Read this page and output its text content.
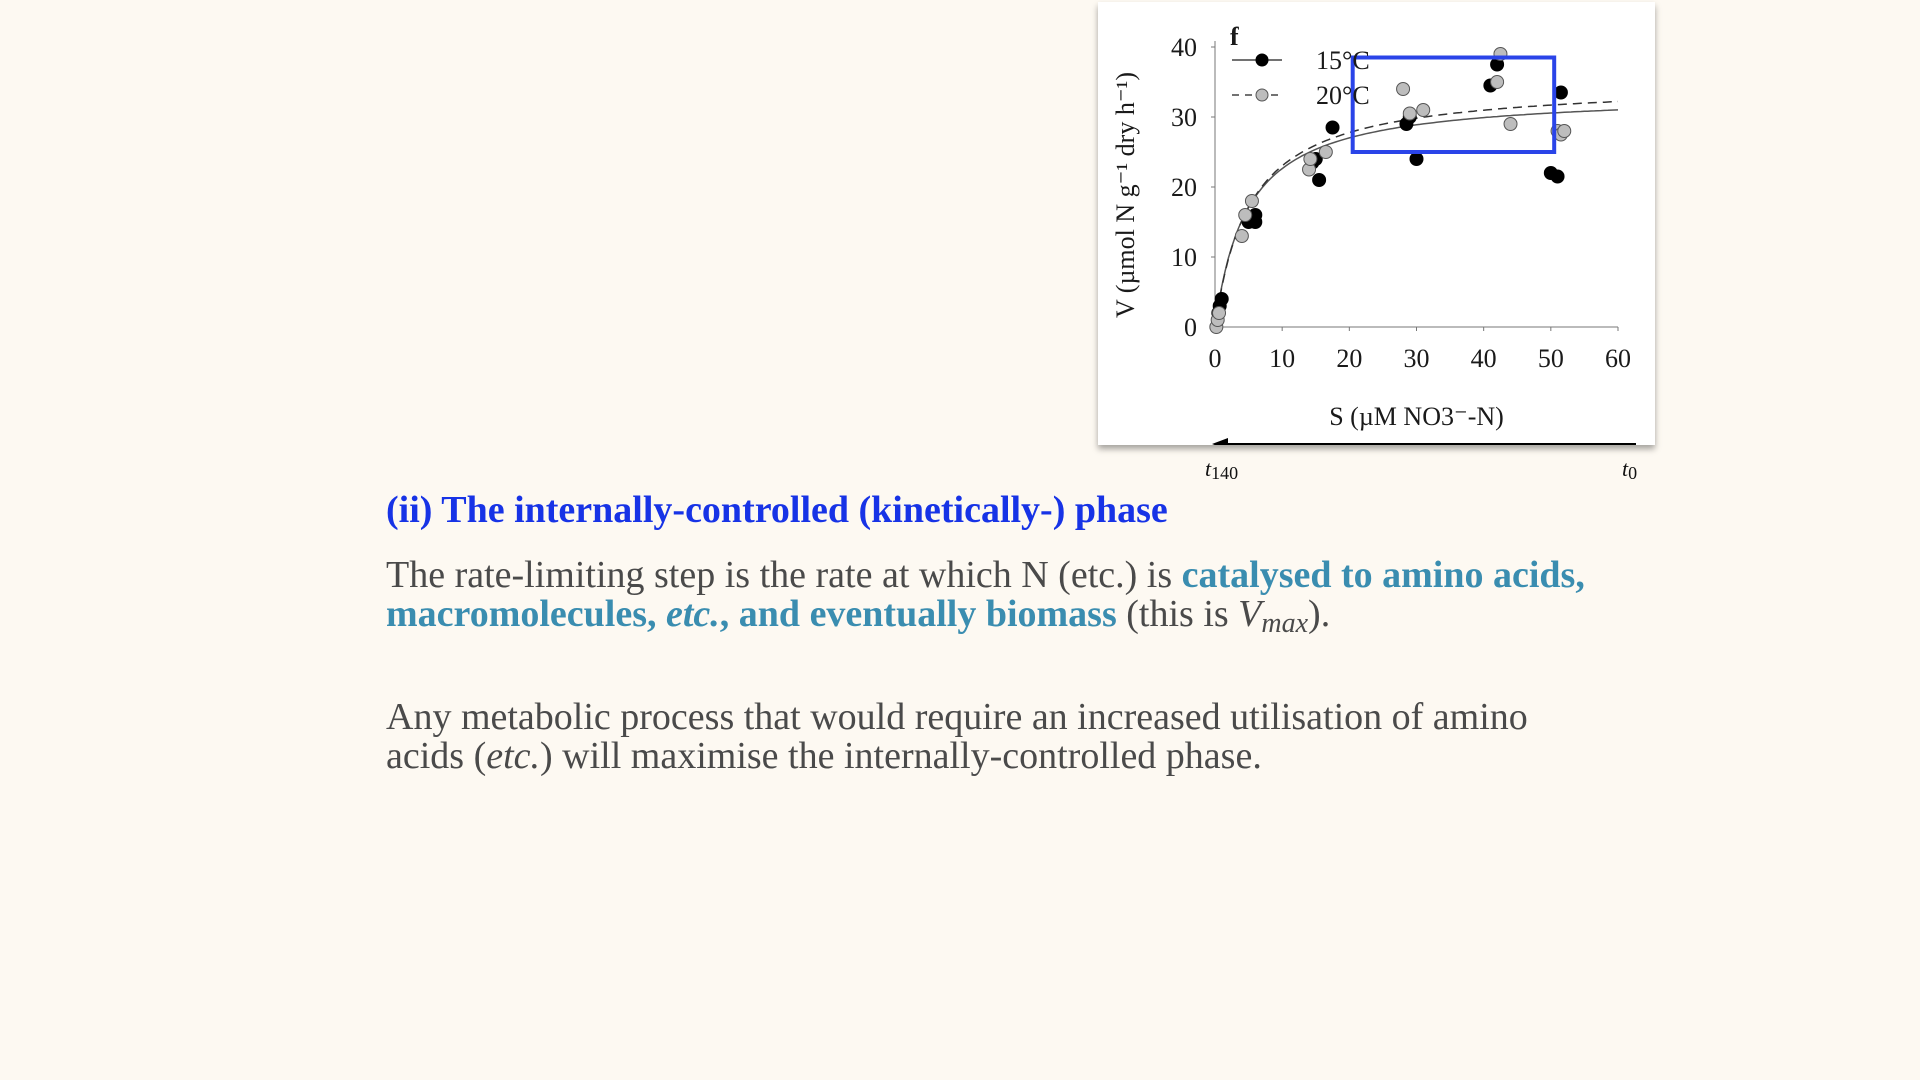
0 10 20 30 40 50 60
0
10
20
30
40
S (µM NO3⁻-N)
V (µmol N g⁻¹ dry h⁻¹)
f
15°C
20°C
$t_{140}$	$t_0$
(ii) The internally-controlled (kinetically-) phase

The rate-limiting step is the rate at which N (etc.) is catalysed to amino acids, macromolecules, etc., and eventually biomass (this is Vmax).

Any metabolic process that would require an increased utilisation of amino acids (etc.) will maximise the internally-controlled phase.
